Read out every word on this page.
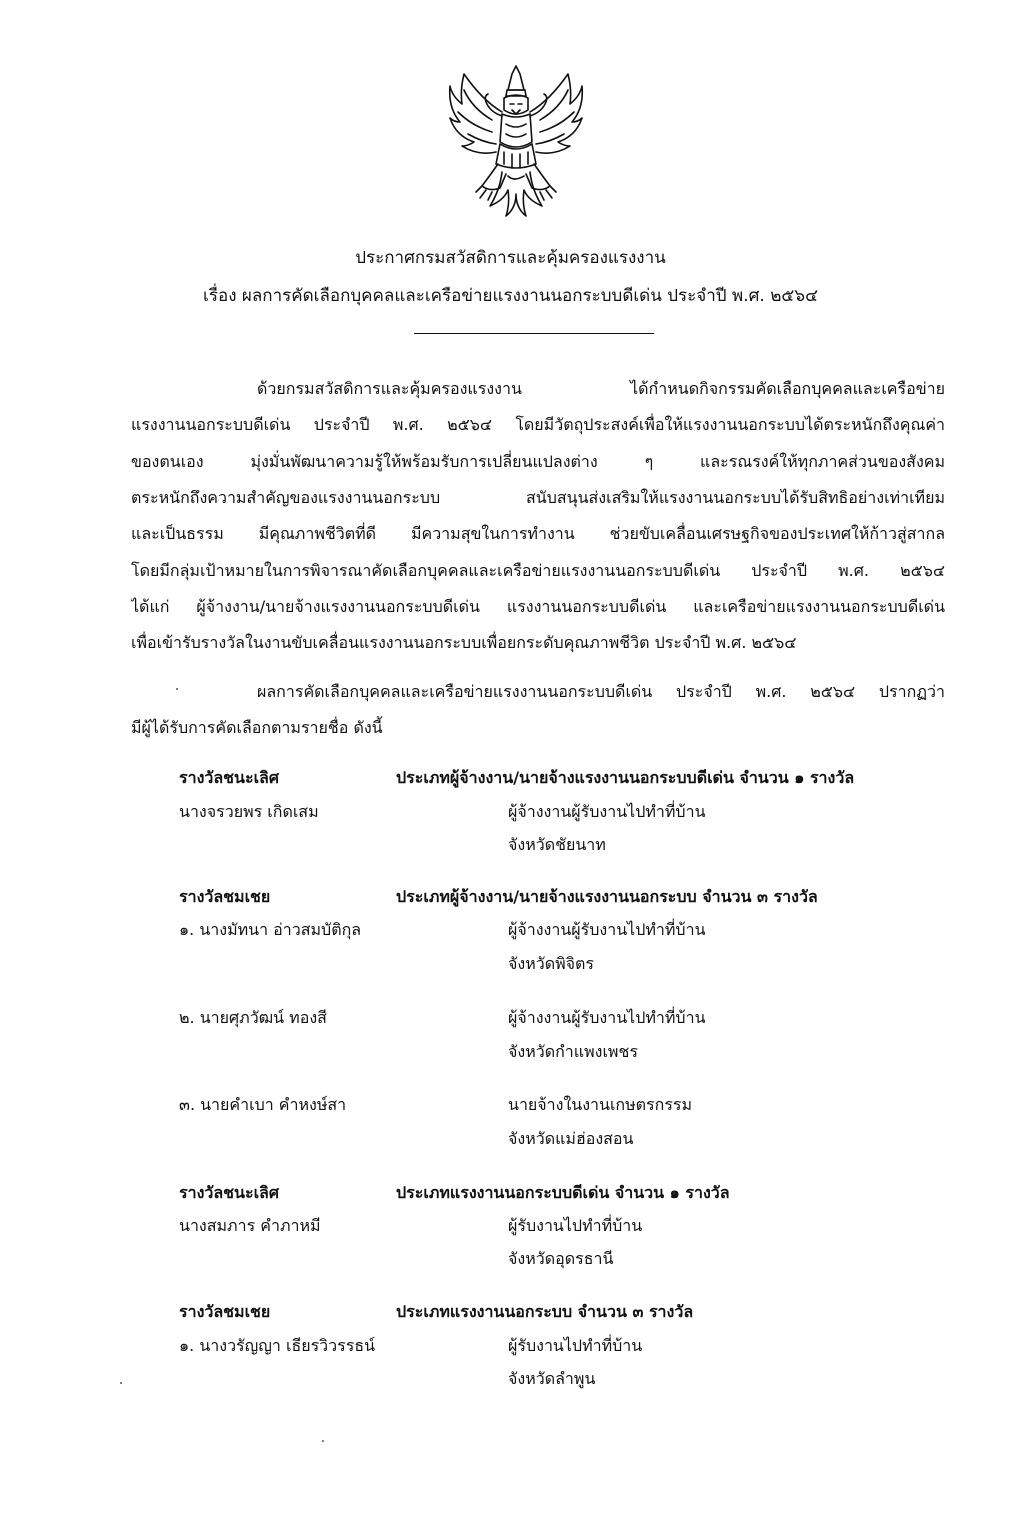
ประกาศกรมสวัสดิการและคุ้มครองแรงงาน
เรื่อง ผลการคัดเลือกบุคคลและเครือข่ายแรงงานนอกระบบดีเด่น ประจำปี พ.ศ. ๒๕๖๔
ด้วยกรมสวัสดิการและคุ้มครองแรงงาน ได้กำหนดกิจกรรมคัดเลือกบุคคลและเครือข่าย
แรงงานนอกระบบดีเด่น ประจำปี พ.ศ. ๒๕๖๔ โดยมีวัตถุประสงค์เพื่อให้แรงงานนอกระบบได้ตระหนักถึงคุณค่า
ของตนเอง มุ่งมั่นพัฒนาความรู้ให้พร้อมรับการเปลี่ยนแปลงต่าง ๆ และรณรงค์ให้ทุกภาคส่วนของสังคม
ตระหนักถึงความสำคัญของแรงงานนอกระบบ สนับสนุนส่งเสริมให้แรงงานนอกระบบได้รับสิทธิอย่างเท่าเทียม
และเป็นธรรม มีคุณภาพชีวิตที่ดี มีความสุขในการทำงาน ช่วยขับเคลื่อนเศรษฐกิจของประเทศให้ก้าวสู่สากล
โดยมีกลุ่มเป้าหมายในการพิจารณาคัดเลือกบุคคลและเครือข่ายแรงงานนอกระบบดีเด่น ประจำปี พ.ศ. ๒๕๖๔
ได้แก่ ผู้จ้างงาน/นายจ้างแรงงานนอกระบบดีเด่น แรงงานนอกระบบดีเด่น และเครือข่ายแรงงานนอกระบบดีเด่น
เพื่อเข้ารับรางวัลในงานขับเคลื่อนแรงงานนอกระบบเพื่อยกระดับคุณภาพชีวิต ประจำปี พ.ศ. ๒๕๖๔
ผลการคัดเลือกบุคคลและเครือข่ายแรงงานนอกระบบดีเด่น ประจำปี พ.ศ. ๒๕๖๔ ปรากฏว่า
มีผู้ได้รับการคัดเลือกตามรายชื่อ ดังนี้
รางวัลชนะเลิศ	ประเภทผู้จ้างงาน/นายจ้างแรงงานนอกระบบดีเด่น จำนวน ๑ รางวัล
นางจรวยพร เกิดเสม	ผู้จ้างงานผู้รับงานไปทำที่บ้าน
จังหวัดชัยนาท
รางวัลชมเชย	ประเภทผู้จ้างงาน/นายจ้างแรงงานนอกระบบ จำนวน ๓ รางวัล
๑. นางมัทนา อ่าวสมบัติกุล	ผู้จ้างงานผู้รับงานไปทำที่บ้าน
จังหวัดพิจิตร
๒. นายศุภวัฒน์ ทองสี	ผู้จ้างงานผู้รับงานไปทำที่บ้าน
จังหวัดกำแพงเพชร
๓. นายคำเบา คำหงษ์สา	นายจ้างในงานเกษตรกรรม
จังหวัดแม่ฮ่องสอน
รางวัลชนะเลิศ	ประเภทแรงงานนอกระบบดีเด่น จำนวน ๑ รางวัล
นางสมภาร คำภาหมี	ผู้รับงานไปทำที่บ้าน
จังหวัดอุดรธานี
รางวัลชมเชย	ประเภทแรงงานนอกระบบ จำนวน ๓ รางวัล
๑. นางวรัญญา เธียรวิวรรธน์	ผู้รับงานไปทำที่บ้าน
จังหวัดลำพูน
